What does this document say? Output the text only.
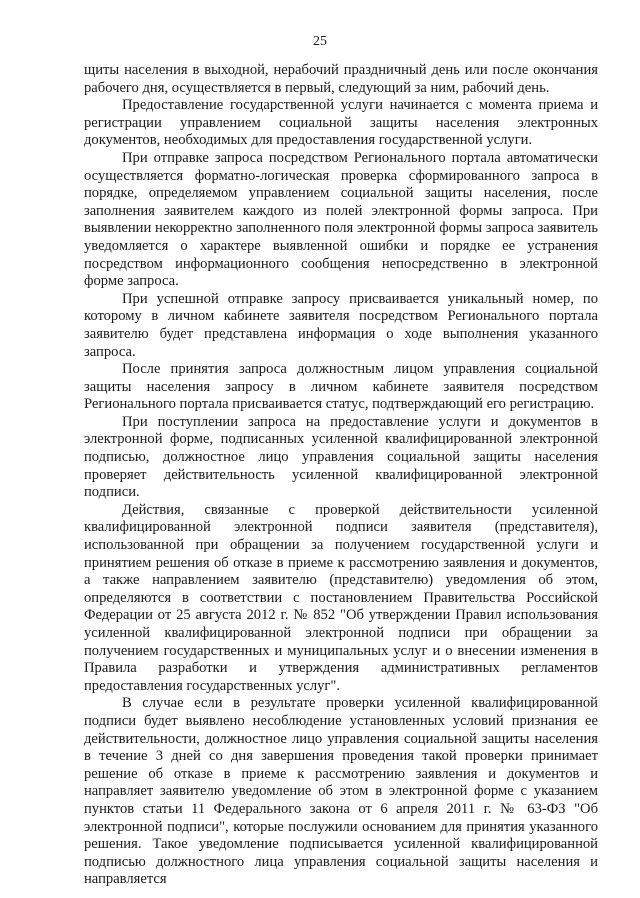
25

щиты населения в выходной, нерабочий праздничный день или после окончания рабочего дня, осуществляется в первый, следующий за ним, рабочий день.

Предоставление государственной услуги начинается с момента приема и регистрации управлением социальной защиты населения электронных документов, необходимых для предоставления государственной услуги.

При отправке запроса посредством Регионального портала автоматически осуществляется форматно-логическая проверка сформированного запроса в порядке, определяемом управлением социальной защиты населения, после заполнения заявителем каждого из полей электронной формы запроса. При выявлении некорректно заполненного поля электронной формы запроса заявитель уведомляется о характере выявленной ошибки и порядке ее устранения посредством информационного сообщения непосредственно в электронной форме запроса.

При успешной отправке запросу присваивается уникальный номер, по которому в личном кабинете заявителя посредством Регионального портала заявителю будет представлена информация о ходе выполнения указанного запроса.

После принятия запроса должностным лицом управления социальной защиты населения запросу в личном кабинете заявителя посредством Регионального портала присваивается статус, подтверждающий его регистрацию.

При поступлении запроса на предоставление услуги и документов в электронной форме, подписанных усиленной квалифицированной электронной подписью, должностное лицо управления социальной защиты населения проверяет действительность усиленной квалифицированной электронной подписи.

Действия, связанные с проверкой действительности усиленной квалифицированной электронной подписи заявителя (представителя), использованной при обращении за получением государственной услуги и принятием решения об отказе в приеме к рассмотрению заявления и документов, а также направлением заявителю (представителю) уведомления об этом, определяются в соответствии с постановлением Правительства Российской Федерации от 25 августа 2012 г. № 852 "Об утверждении Правил использования усиленной квалифицированной электронной подписи при обращении за получением государственных и муниципальных услуг и о внесении изменения в Правила разработки и утверждения административных регламентов предоставления государственных услуг".

В случае если в результате проверки усиленной квалифицированной подписи будет выявлено несоблюдение установленных условий признания ее действительности, должностное лицо управления социальной защиты населения в течение 3 дней со дня завершения проведения такой проверки принимает решение об отказе в приеме к рассмотрению заявления и документов и направляет заявителю уведомление об этом в электронной форме с указанием пунктов статьи 11 Федерального закона от 6 апреля 2011 г. № 63-ФЗ "Об электронной подписи", которые послужили основанием для принятия указанного решения. Такое уведомление подписывается усиленной квалифицированной подписью должностного лица управления социальной защиты населения и направляется
